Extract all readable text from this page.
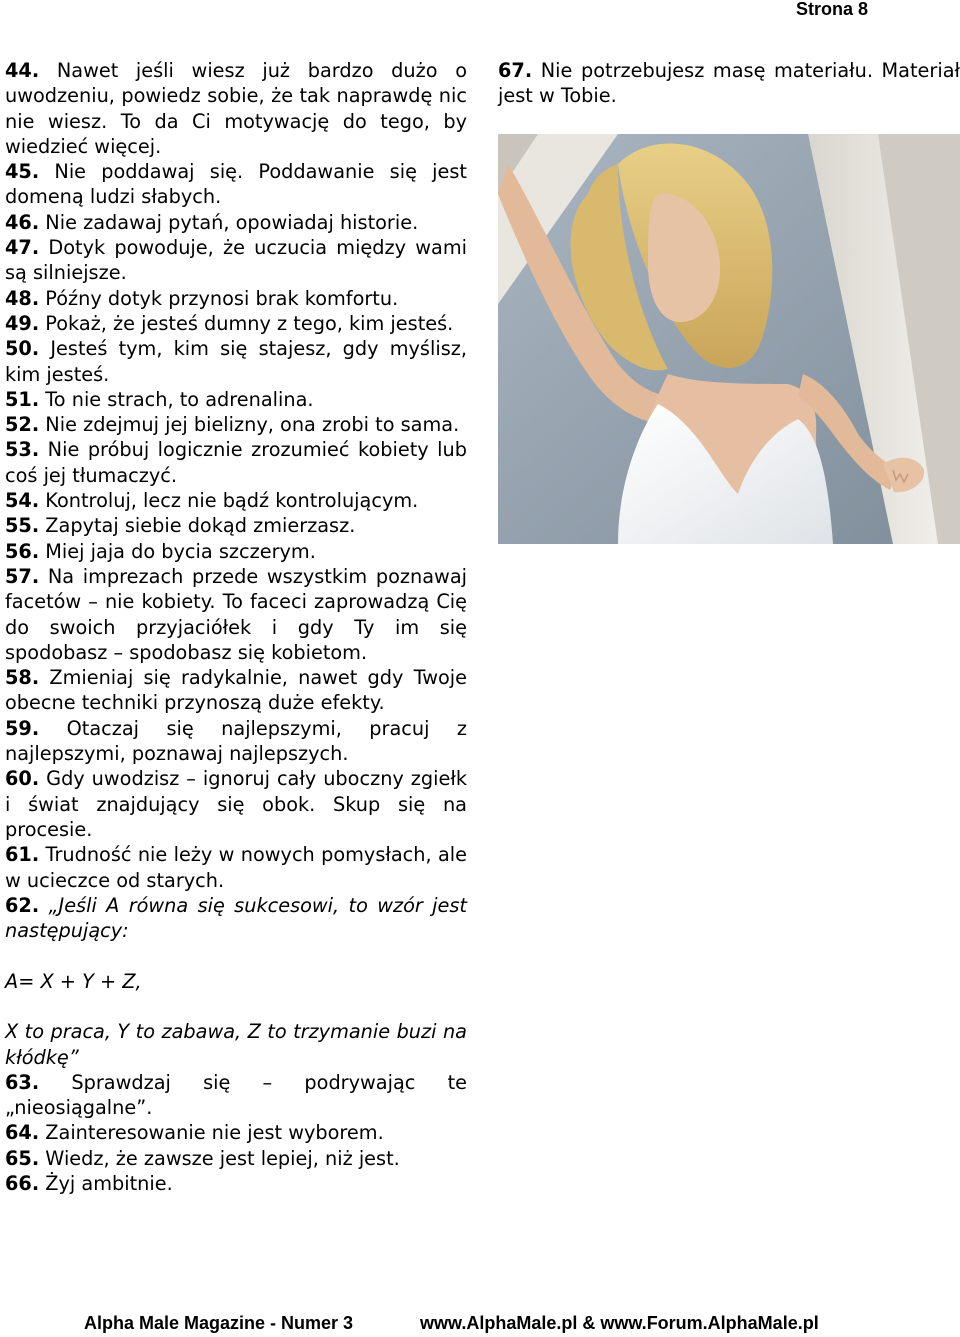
Strona 8

44. Nawet jeśli wiesz już bardzo dużo o uwodzeniu, powiedz sobie, że tak naprawdę nic nie wiesz. To da Ci motywację do tego, by wiedzieć więcej.

45. Nie poddawaj się. Poddawanie się jest domeną ludzi słabych.

46. Nie zadawaj pytań, opowiadaj historie.

47. Dotyk powoduje, że uczucia między wami są silniejsze.

48. Późny dotyk przynosi brak komfortu.

49. Pokaż, że jesteś dumny z tego, kim jesteś.

50. Jesteś tym, kim się stajesz, gdy myślisz, kim jesteś.

51. To nie strach, to adrenalina.

52. Nie zdejmuj jej bielizny, ona zrobi to sama.

53. Nie próbuj logicznie zrozumieć kobiety lub coś jej tłumaczyć.

54. Kontroluj, lecz nie bądź kontrolującym.

55. Zapytaj siebie dokąd zmierzasz.

56. Miej jaja do bycia szczerym.

57. Na imprezach przede wszystkim poznawaj facetów – nie kobiety. To faceci zaprowadzą Cię do swoich przyjaciółek i gdy Ty im się spodobasz – spodobasz się kobietom.

58. Zmieniaj się radykalnie, nawet gdy Twoje obecne techniki przynoszą duże efekty.

59. Otaczaj się najlepszymi, pracuj z najlepszymi, poznawaj najlepszych.

60. Gdy uwodzisz – ignoruj cały uboczny zgiełk i świat znajdujący się obok. Skup się na procesie.

61. Trudność nie leży w nowych pomysłach, ale w ucieczce od starych.

62. „Jeśli A równa się sukcesowi, to wzór jest następujący:

A= X + Y + Z,

X to praca, Y to zabawa, Z to trzymanie buzi na kłódkę”

63. Sprawdzaj się – podrywając te „nieosiągalne”.

64. Zainteresowanie nie jest wyborem.

65. Wiedz, że zawsze jest lepiej, niż jest.

66. Żyj ambitnie.

67. Nie potrzebujesz masę materiału. Materiał jest w Tobie.

Alpha Male Magazine - Numer 3	www.AlphaMale.pl & www.Forum.AlphaMale.pl
